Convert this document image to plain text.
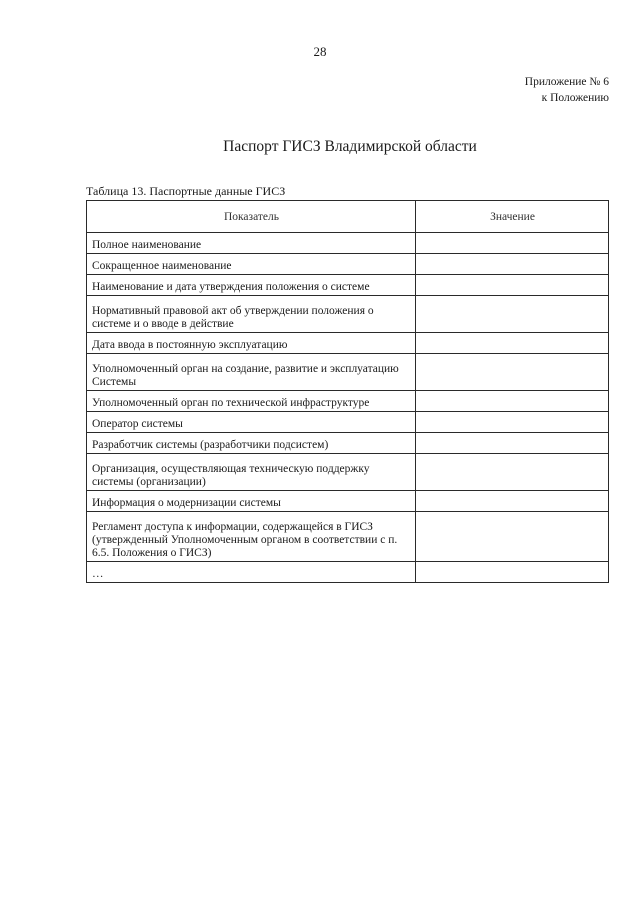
28
Приложение № 6
к Положению
Паспорт ГИСЗ Владимирской области
Таблица 13. Паспортные данные ГИСЗ
Показатель	Значение
Полное наименование	
Сокращенное наименование	
Наименование и дата утверждения положения о системе	
Нормативный правовой акт об утверждении положения о системе и о вводе в действие	
Дата ввода в постоянную эксплуатацию	
Уполномоченный орган на создание, развитие и эксплуатацию Системы	
Уполномоченный орган по технической инфраструктуре	
Оператор системы	
Разработчик системы (разработчики подсистем)	
Организация, осуществляющая техническую поддержку системы (организации)	
Информация о модернизации системы	
Регламент доступа к информации, содержащейся в ГИСЗ (утвержденный Уполномоченным органом в соответствии с п. 6.5. Положения о ГИСЗ)	
…	
